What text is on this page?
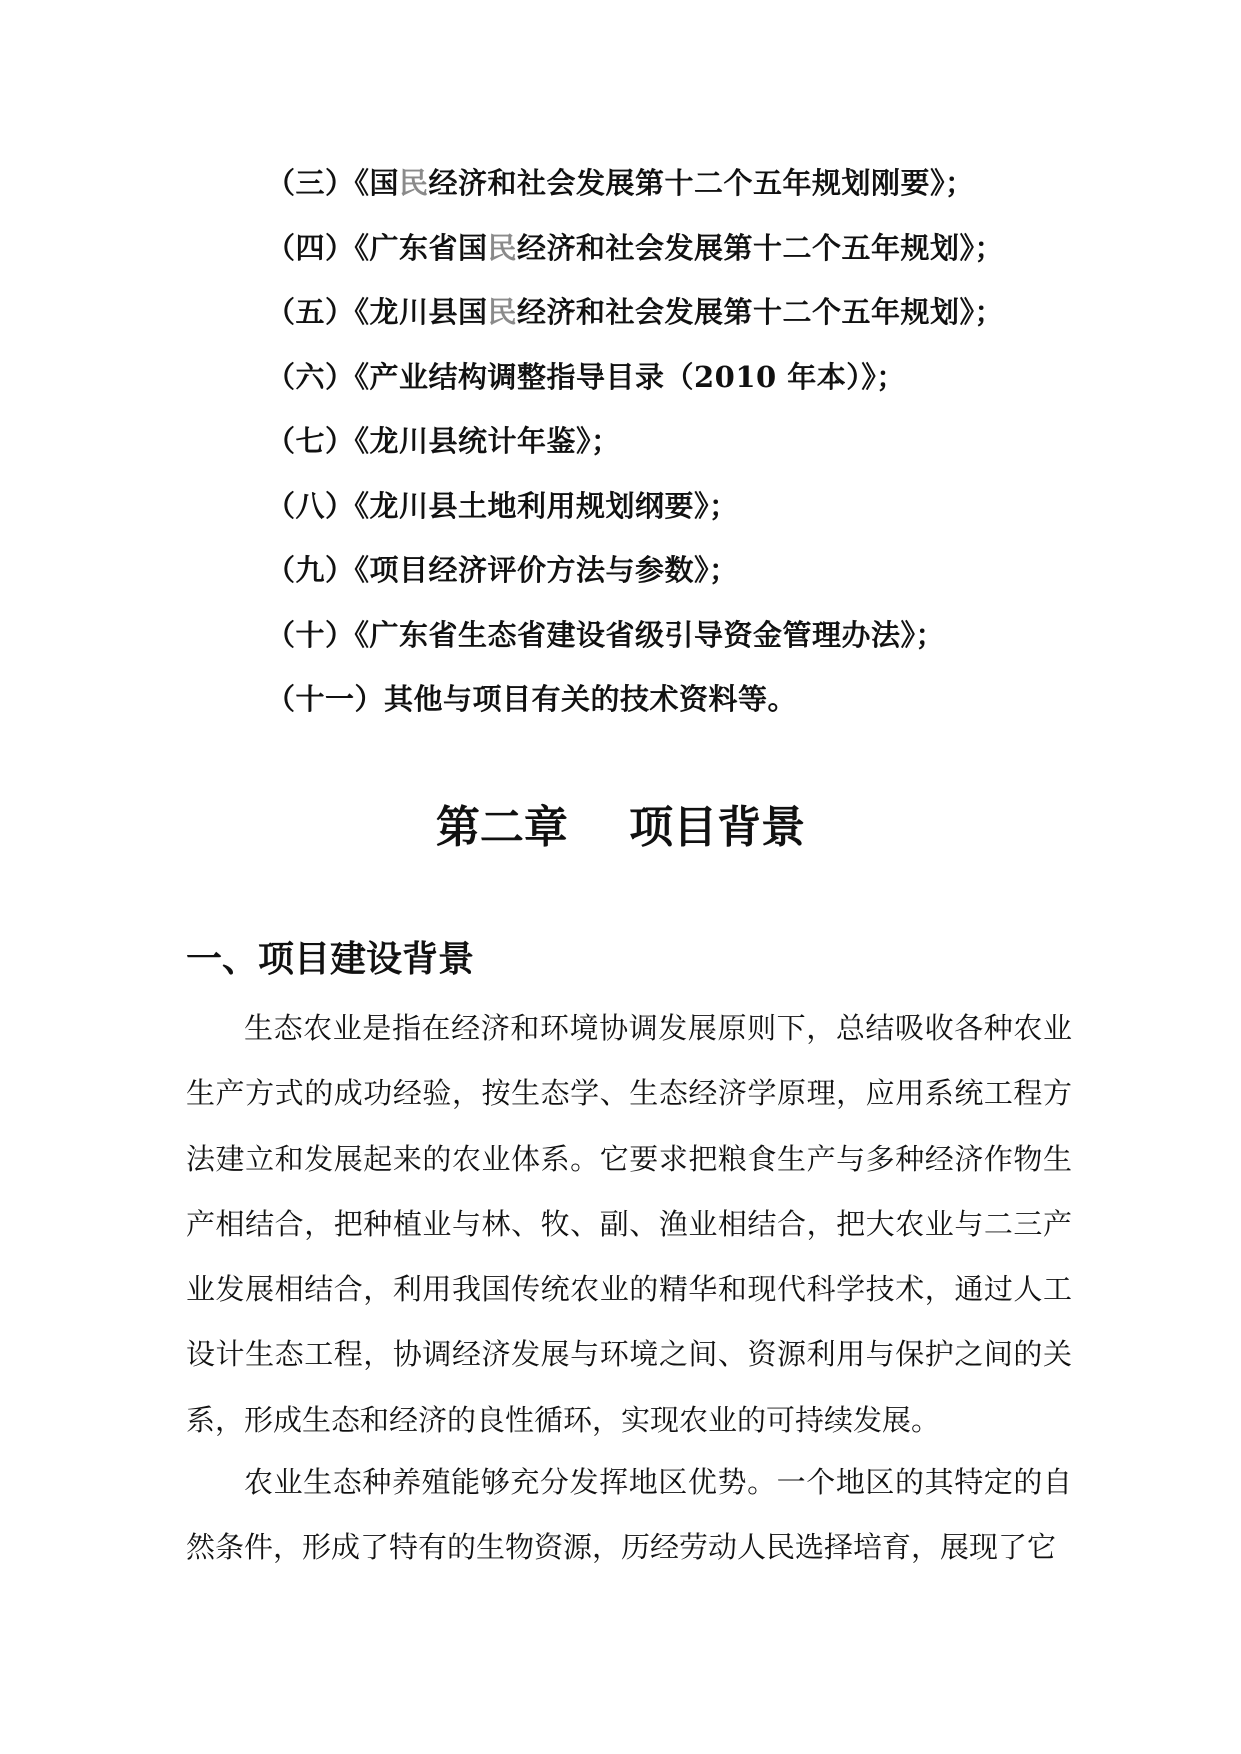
（三）《国民经济和社会发展第十二个五年规划刚要》；
（四）《广东省国民经济和社会发展第十二个五年规划》；
（五）《龙川县国民经济和社会发展第十二个五年规划》；
（六）《产业结构调整指导目录（2010 年本）》；
（七）《龙川县统计年鉴》；
（八）《龙川县土地利用规划纲要》；
（九）《项目经济评价方法与参数》；
（十）《广东省生态省建设省级引导资金管理办法》；
（十一）其他与项目有关的技术资料等。
第二章    项目背景
一、项目建设背景

生态农业是指在经济和环境协调发展原则下，总结吸收各种农业生产方式的成功经验，按生态学、生态经济学原理，应用系统工程方法建立和发展起来的农业体系。它要求把粮食生产与多种经济作物生产相结合，把种植业与林、牧、副、渔业相结合，把大农业与二三产业发展相结合，利用我国传统农业的精华和现代科学技术，通过人工设计生态工程，协调经济发展与环境之间、资源利用与保护之间的关系，形成生态和经济的良性循环，实现农业的可持续发展。

农业生态种养殖能够充分发挥地区优势。一个地区的其特定的自然条件，形成了特有的生物资源，历经劳动人民选择培育，展现了它
